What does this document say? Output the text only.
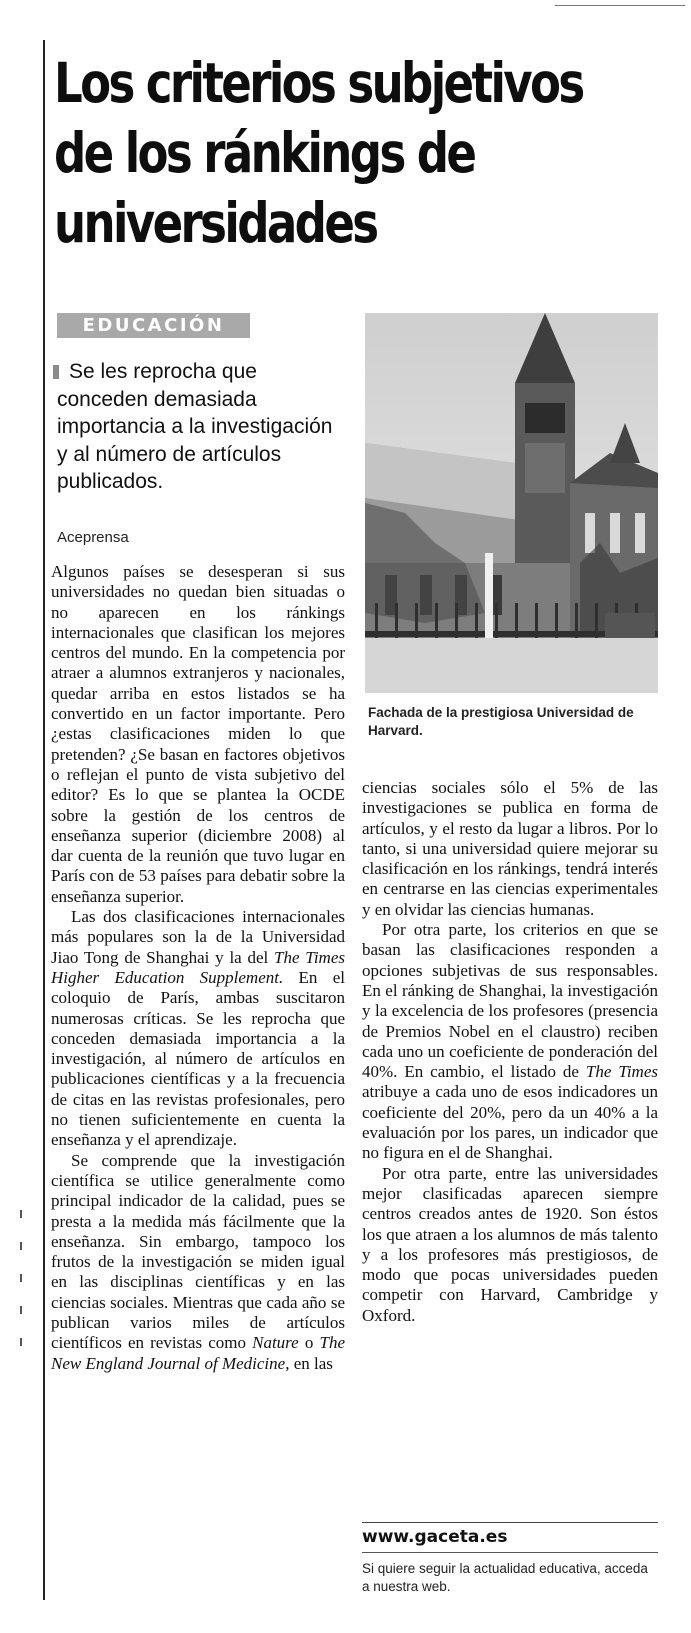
Los criterios subjetivos
de los ránkings de
universidades
EDUCACIÓN

Se les reprocha que conceden demasiada importancia a la investigación y al número de artículos publicados.

Aceprensa

Algunos países se desesperan si sus universidades no quedan bien situadas o no aparecen en los ránkings internacionales que clasifican los mejores centros del mundo. En la competencia por atraer a alumnos extranjeros y nacionales, quedar arriba en estos listados se ha convertido en un factor importante. Pero ¿estas clasificaciones miden lo que pretenden? ¿Se basan en factores objetivos o reflejan el punto de vista subjetivo del editor? Es lo que se plantea la OCDE sobre la gestión de los centros de enseñanza superior (diciembre 2008) al dar cuenta de la reunión que tuvo lugar en París con de 53 países para debatir sobre la enseñanza superior.

Las dos clasificaciones internacionales más populares son la de la Universidad Jiao Tong de Shanghai y la del The Times Higher Education Supplement. En el coloquio de París, ambas suscitaron numerosas críticas. Se les reprocha que conceden demasiada importancia a la investigación, al número de artículos en publicaciones científicas y a la frecuencia de citas en las revistas profesionales, pero no tienen suficientemente en cuenta la enseñanza y el aprendizaje.

Se comprende que la investigación científica se utilice generalmente como principal indicador de la calidad, pues se presta a la medida más fácilmente que la enseñanza. Sin embargo, tampoco los frutos de la investigación se miden igual en las disciplinas científicas y en las ciencias sociales. Mientras que cada año se publican varios miles de artículos científicos en revistas como Nature o The New England Journal of Medicine, en las

Fachada de la prestigiosa Universidad de Harvard.

ciencias sociales sólo el 5% de las investigaciones se publica en forma de artículos, y el resto da lugar a libros. Por lo tanto, si una universidad quiere mejorar su clasificación en los ránkings, tendrá interés en centrarse en las ciencias experimentales y en olvidar las ciencias humanas.

Por otra parte, los criterios en que se basan las clasificaciones responden a opciones subjetivas de sus responsables. En el ránking de Shanghai, la investigación y la excelencia de los profesores (presencia de Premios Nobel en el claustro) reciben cada uno un coeficiente de ponderación del 40%. En cambio, el listado de The Times atribuye a cada uno de esos indicadores un coeficiente del 20%, pero da un 40% a la evaluación por los pares, un indicador que no figura en el de Shanghai.

Por otra parte, entre las universidades mejor clasificadas aparecen siempre centros creados antes de 1920. Son éstos los que atraen a los alumnos de más talento y a los profesores más prestigiosos, de modo que pocas universidades pueden competir con Harvard, Cambridge y Oxford.

www.gaceta.es
Si quiere seguir la actualidad educativa, acceda a nuestra web.
